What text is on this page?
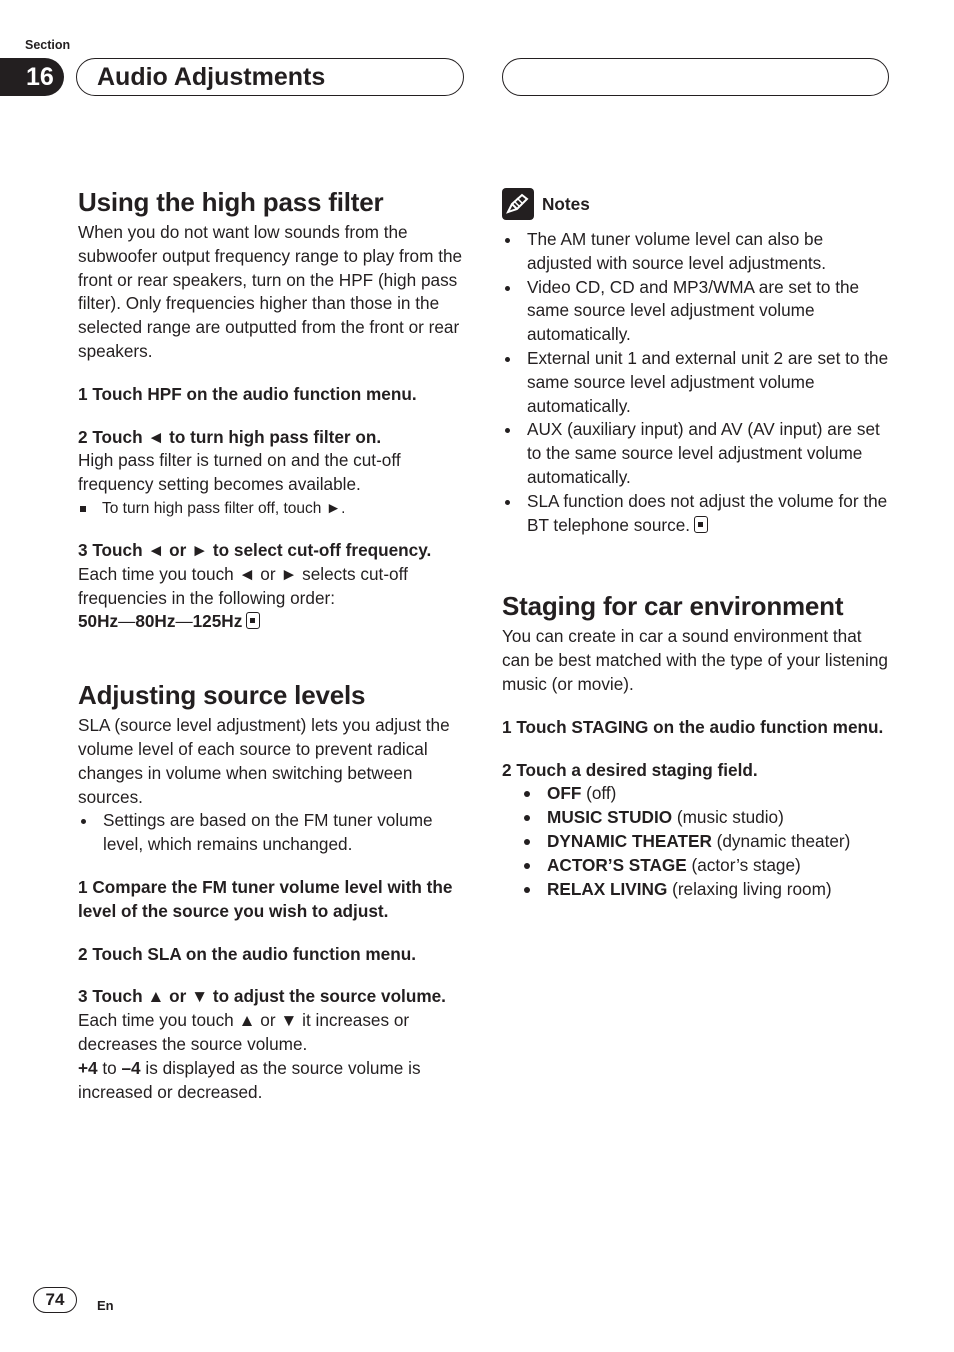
Section
16	Audio Adjustments
Using the high pass filter

When you do not want low sounds from the subwoofer output frequency range to play from the front or rear speakers, turn on the HPF (high pass filter). Only frequencies higher than those in the selected range are outputted from the front or rear speakers.

1 Touch HPF on the audio function menu.

2 Touch ◄ to turn high pass filter on.

High pass filter is turned on and the cut-off frequency setting becomes available.

To turn high pass filter off, touch ►.

3 Touch ◄ or ► to select cut-off frequency.

Each time you touch ◄ or ► selects cut-off frequencies in the following order:

50Hz—80Hz—125Hz

Adjusting source levels

SLA (source level adjustment) lets you adjust the volume level of each source to prevent radical changes in volume when switching between sources.

Settings are based on the FM tuner volume level, which remains unchanged.

1 Compare the FM tuner volume level with the level of the source you wish to adjust.

2 Touch SLA on the audio function menu.

3 Touch ▲ or ▼ to adjust the source volume.

Each time you touch ▲ or ▼ it increases or decreases the source volume.

+4 to –4 is displayed as the source volume is increased or decreased.

Notes
The AM tuner volume level can also be adjusted with source level adjustments.
Video CD, CD and MP3/WMA are set to the same source level adjustment volume automatically.
External unit 1 and external unit 2 are set to the same source level adjustment volume automatically.
AUX (auxiliary input) and AV (AV input) are set to the same source level adjustment volume automatically.
SLA function does not adjust the volume for the BT telephone source.
Staging for car environment

You can create in car a sound environment that can be best matched with the type of your listening music (or movie).

1 Touch STAGING on the audio function menu.

2 Touch a desired staging field.

OFF (off)
MUSIC STUDIO (music studio)
DYNAMIC THEATER (dynamic theater)
ACTOR’S STAGE (actor’s stage)
RELAX LIVING (relaxing living room)
74	En
